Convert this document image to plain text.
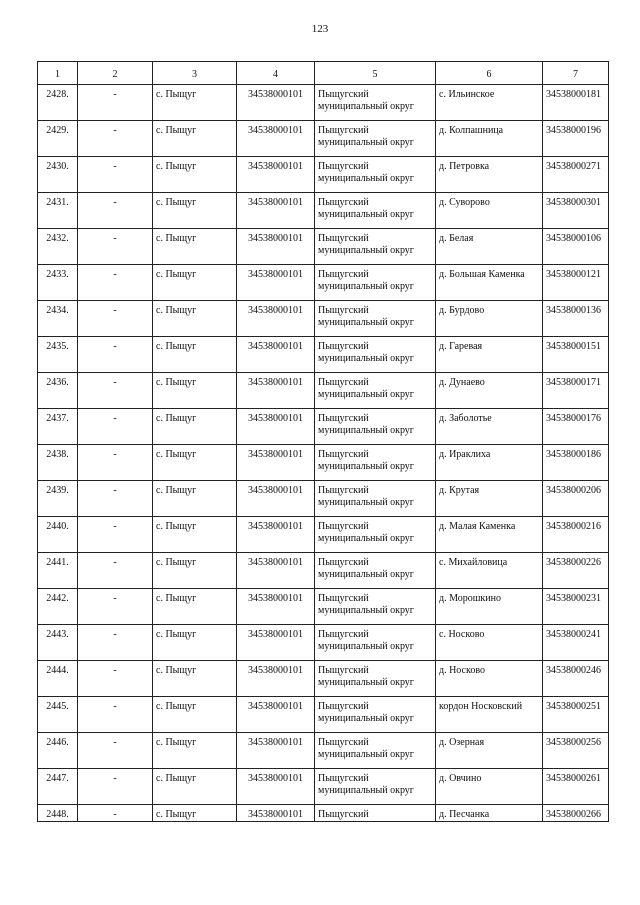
123
1	2	3	4	5	6	7
2428.	-	с. Пыщуг	34538000101	Пыщугский муниципальный округ	с. Ильинское	34538000181
2429.	-	с. Пыщуг	34538000101	Пыщугский муниципальный округ	д. Колпашница	34538000196
2430.	-	с. Пыщуг	34538000101	Пыщугский муниципальный округ	д. Петровка	34538000271
2431.	-	с. Пыщуг	34538000101	Пыщугский муниципальный округ	д. Суворово	34538000301
2432.	-	с. Пыщуг	34538000101	Пыщугский муниципальный округ	д. Белая	34538000106
2433.	-	с. Пыщуг	34538000101	Пыщугский муниципальный округ	д. Большая Каменка	34538000121
2434.	-	с. Пыщуг	34538000101	Пыщугский муниципальный округ	д. Бурдово	34538000136
2435.	-	с. Пыщуг	34538000101	Пыщугский муниципальный округ	д. Гаревая	34538000151
2436.	-	с. Пыщуг	34538000101	Пыщугский муниципальный округ	д. Дунаево	34538000171
2437.	-	с. Пыщуг	34538000101	Пыщугский муниципальный округ	д. Заболотье	34538000176
2438.	-	с. Пыщуг	34538000101	Пыщугский муниципальный округ	д. Ираклиха	34538000186
2439.	-	с. Пыщуг	34538000101	Пыщугский муниципальный округ	д. Крутая	34538000206
2440.	-	с. Пыщуг	34538000101	Пыщугский муниципальный округ	д. Малая Каменка	34538000216
2441.	-	с. Пыщуг	34538000101	Пыщугский муниципальный округ	с. Михайловица	34538000226
2442.	-	с. Пыщуг	34538000101	Пыщугский муниципальный округ	д. Морошкино	34538000231
2443.	-	с. Пыщуг	34538000101	Пыщугский муниципальный округ	с. Носково	34538000241
2444.	-	с. Пыщуг	34538000101	Пыщугский муниципальный округ	д. Носково	34538000246
2445.	-	с. Пыщуг	34538000101	Пыщугский муниципальный округ	кордон Носковский	34538000251
2446.	-	с. Пыщуг	34538000101	Пыщугский муниципальный округ	д. Озерная	34538000256
2447.	-	с. Пыщуг	34538000101	Пыщугский муниципальный округ	д. Овчино	34538000261
2448.	-	с. Пыщуг	34538000101	Пыщугский	д. Песчанка	34538000266
